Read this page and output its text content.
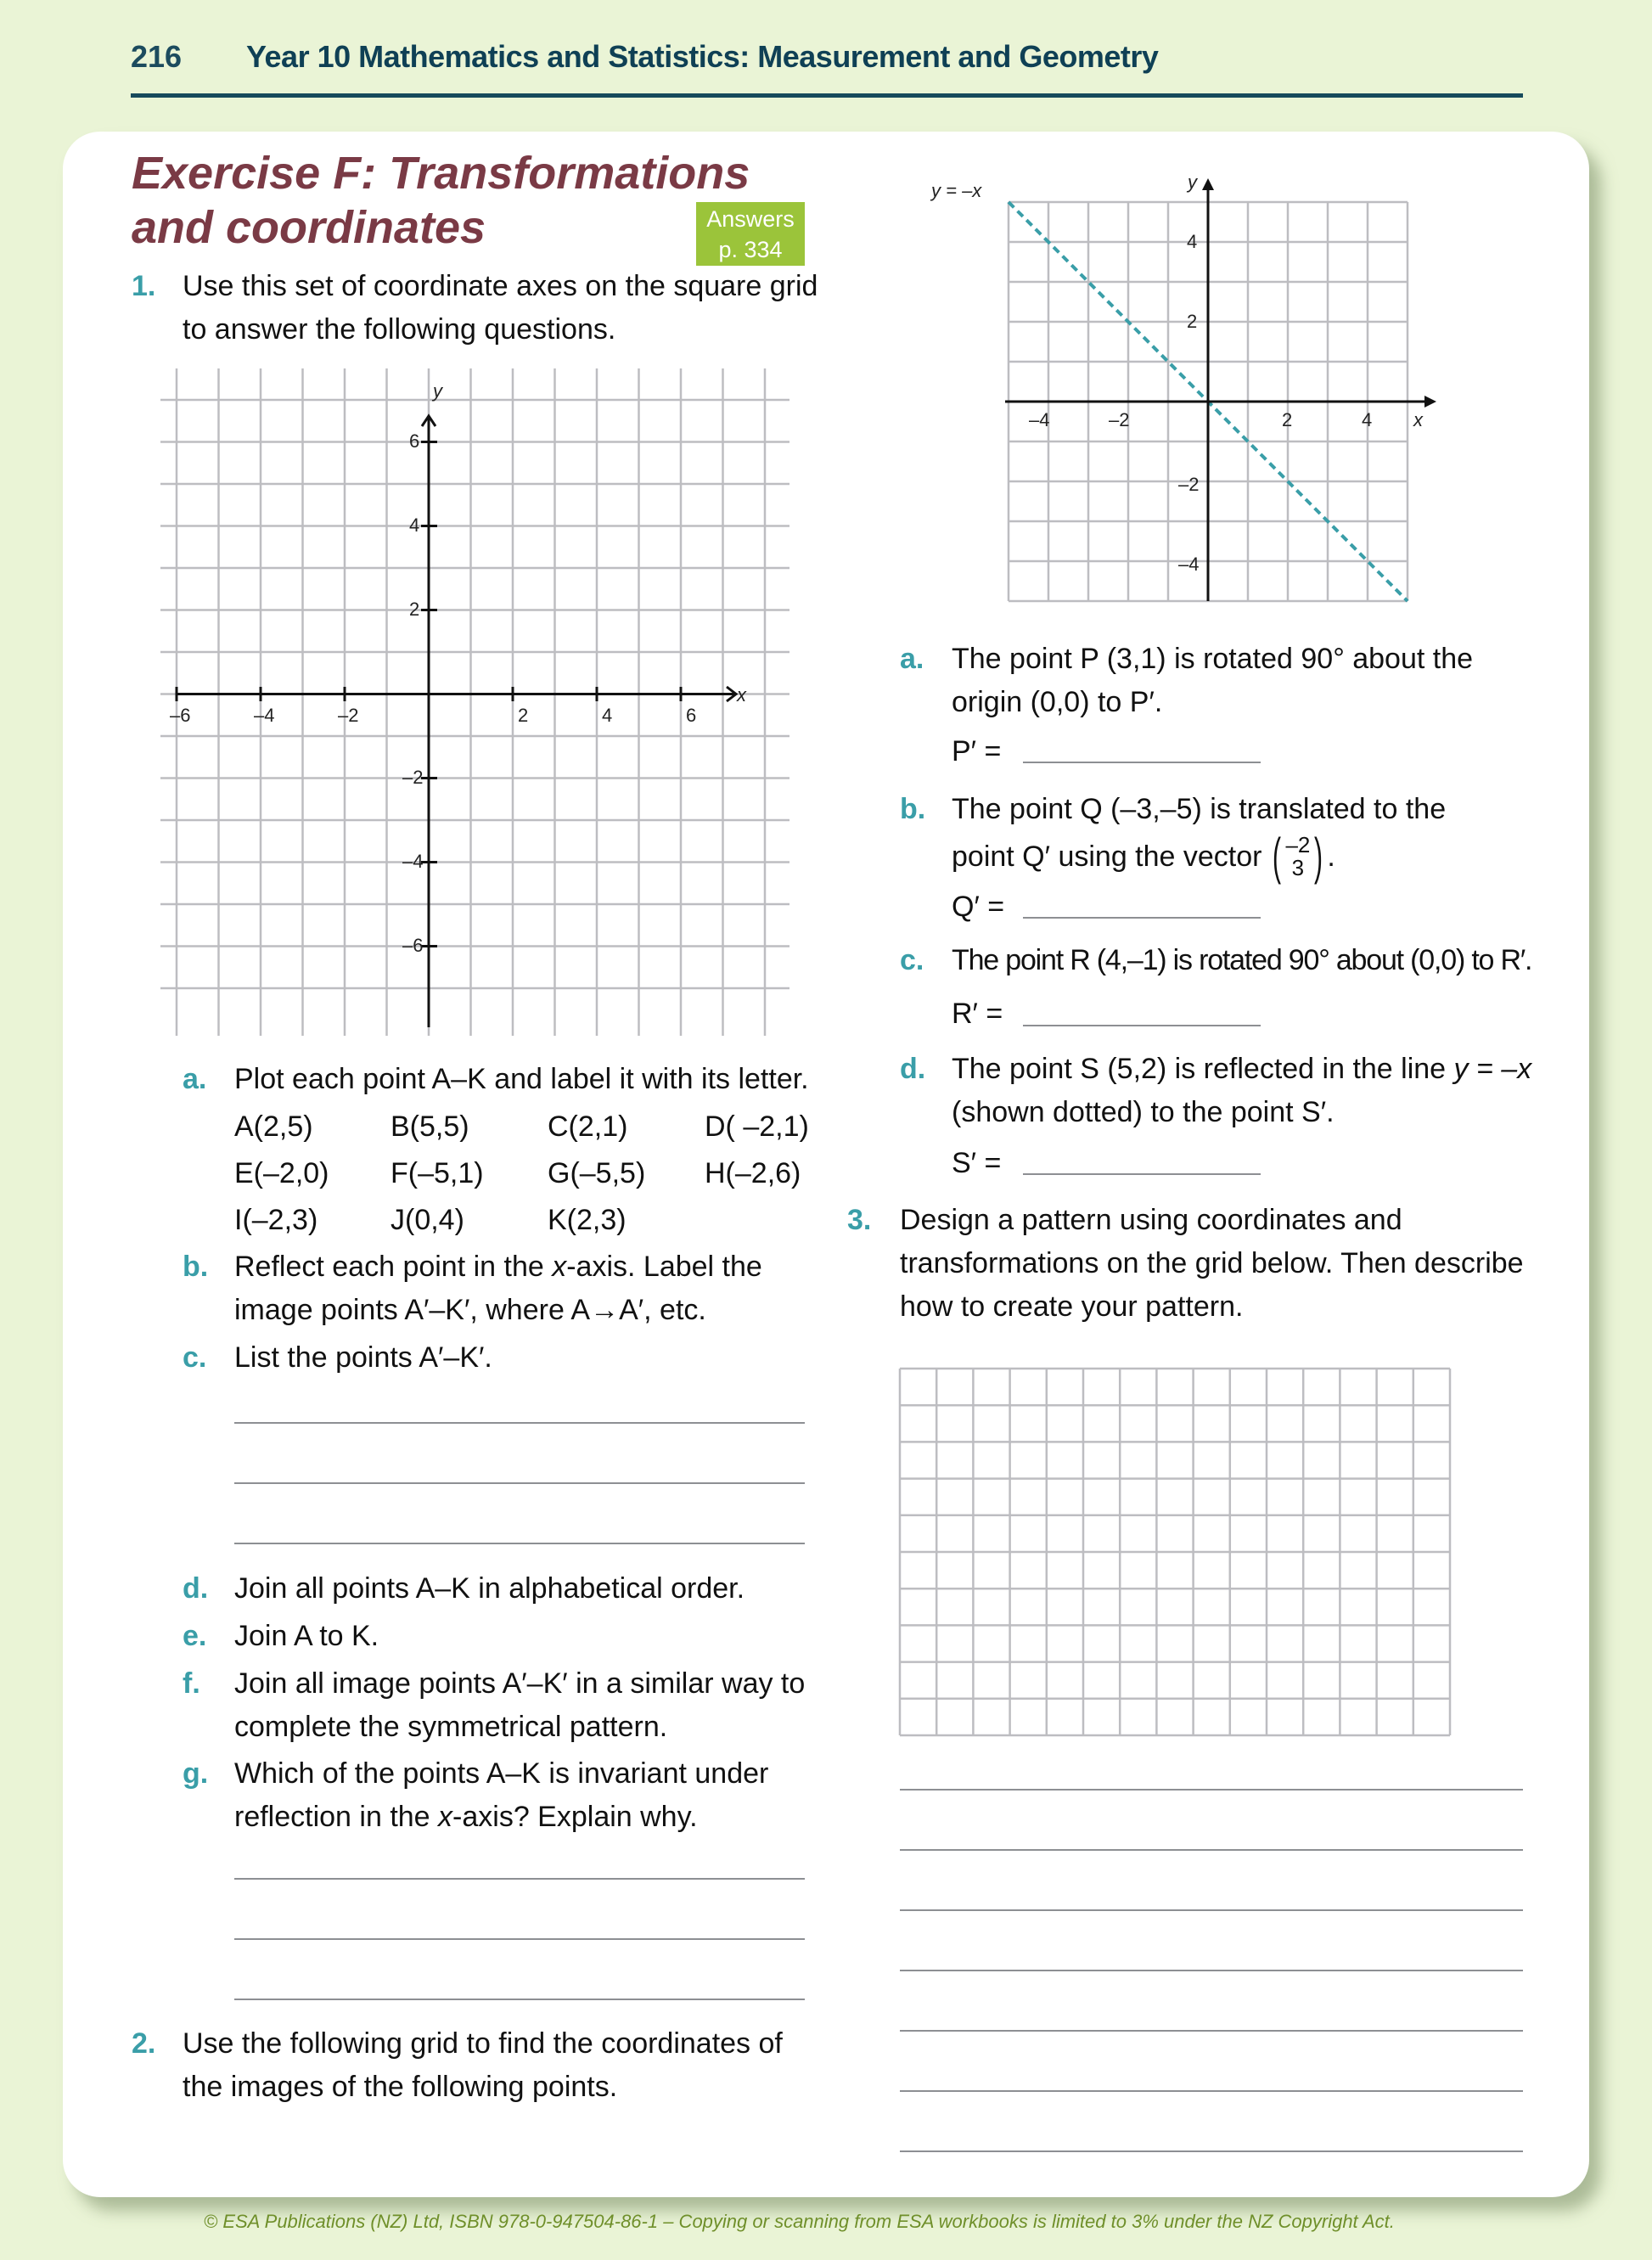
216 Year 10 Mathematics and Statistics: Measurement and Geometry
Exercise F: Transformations
and coordinates	Answers
p. 334
1. Use this set of coordinate axes on the square grid
to answer the following questions.
–6	–4	–2	2	4	6
x
6
4
2
–2
–4
–6
y
a. Plot each point A–K and label it with its letter.
A(2,5)	B(5,5)	C(2,1)	D( –2,1)
E(–2,0) F(–5,1) G(–5,5) H(–2,6)
I(–2,3)	J(0,4)	K(2,3)
b. Reflect each point in the x-axis. Label the
image points A′–K′, where A→A′, etc.
c. List the points A′–K′.
d. Join all points A–K in alphabetical order.
e. Join A to K.
f. Join all image points A′–K′ in a similar way to
complete the symmetrical pattern.
g. Which of the points A–K is invariant under
reflection in the x-axis? Explain why.
2. Use the following grid to find the coordinates of
the images of the following points.
y = –x	y
x
–4	–2	2	4
4
2
–2
–4
a. The point P (3,1) is rotated 90° about the
origin (0,0) to P′.
P′ =
b. The point Q (–3,–5) is translated to the
point Q′ using the vector ( –2
3 ) .
Q′ =
c. The point R (4,–1) is rotated 90° about (0,0) to R′.
R′ =
d. The point S (5,2) is reflected in the line y = –x
(shown dotted) to the point S′.
S′ =
3. Design a pattern using coordinates and
transformations on the grid below. Then describe
how to create your pattern.
© ESA Publications (NZ) Ltd, ISBN 978-0-947504-86-1 – Copying or scanning from ESA workbooks is limited to 3% under the NZ Copyright Act.
